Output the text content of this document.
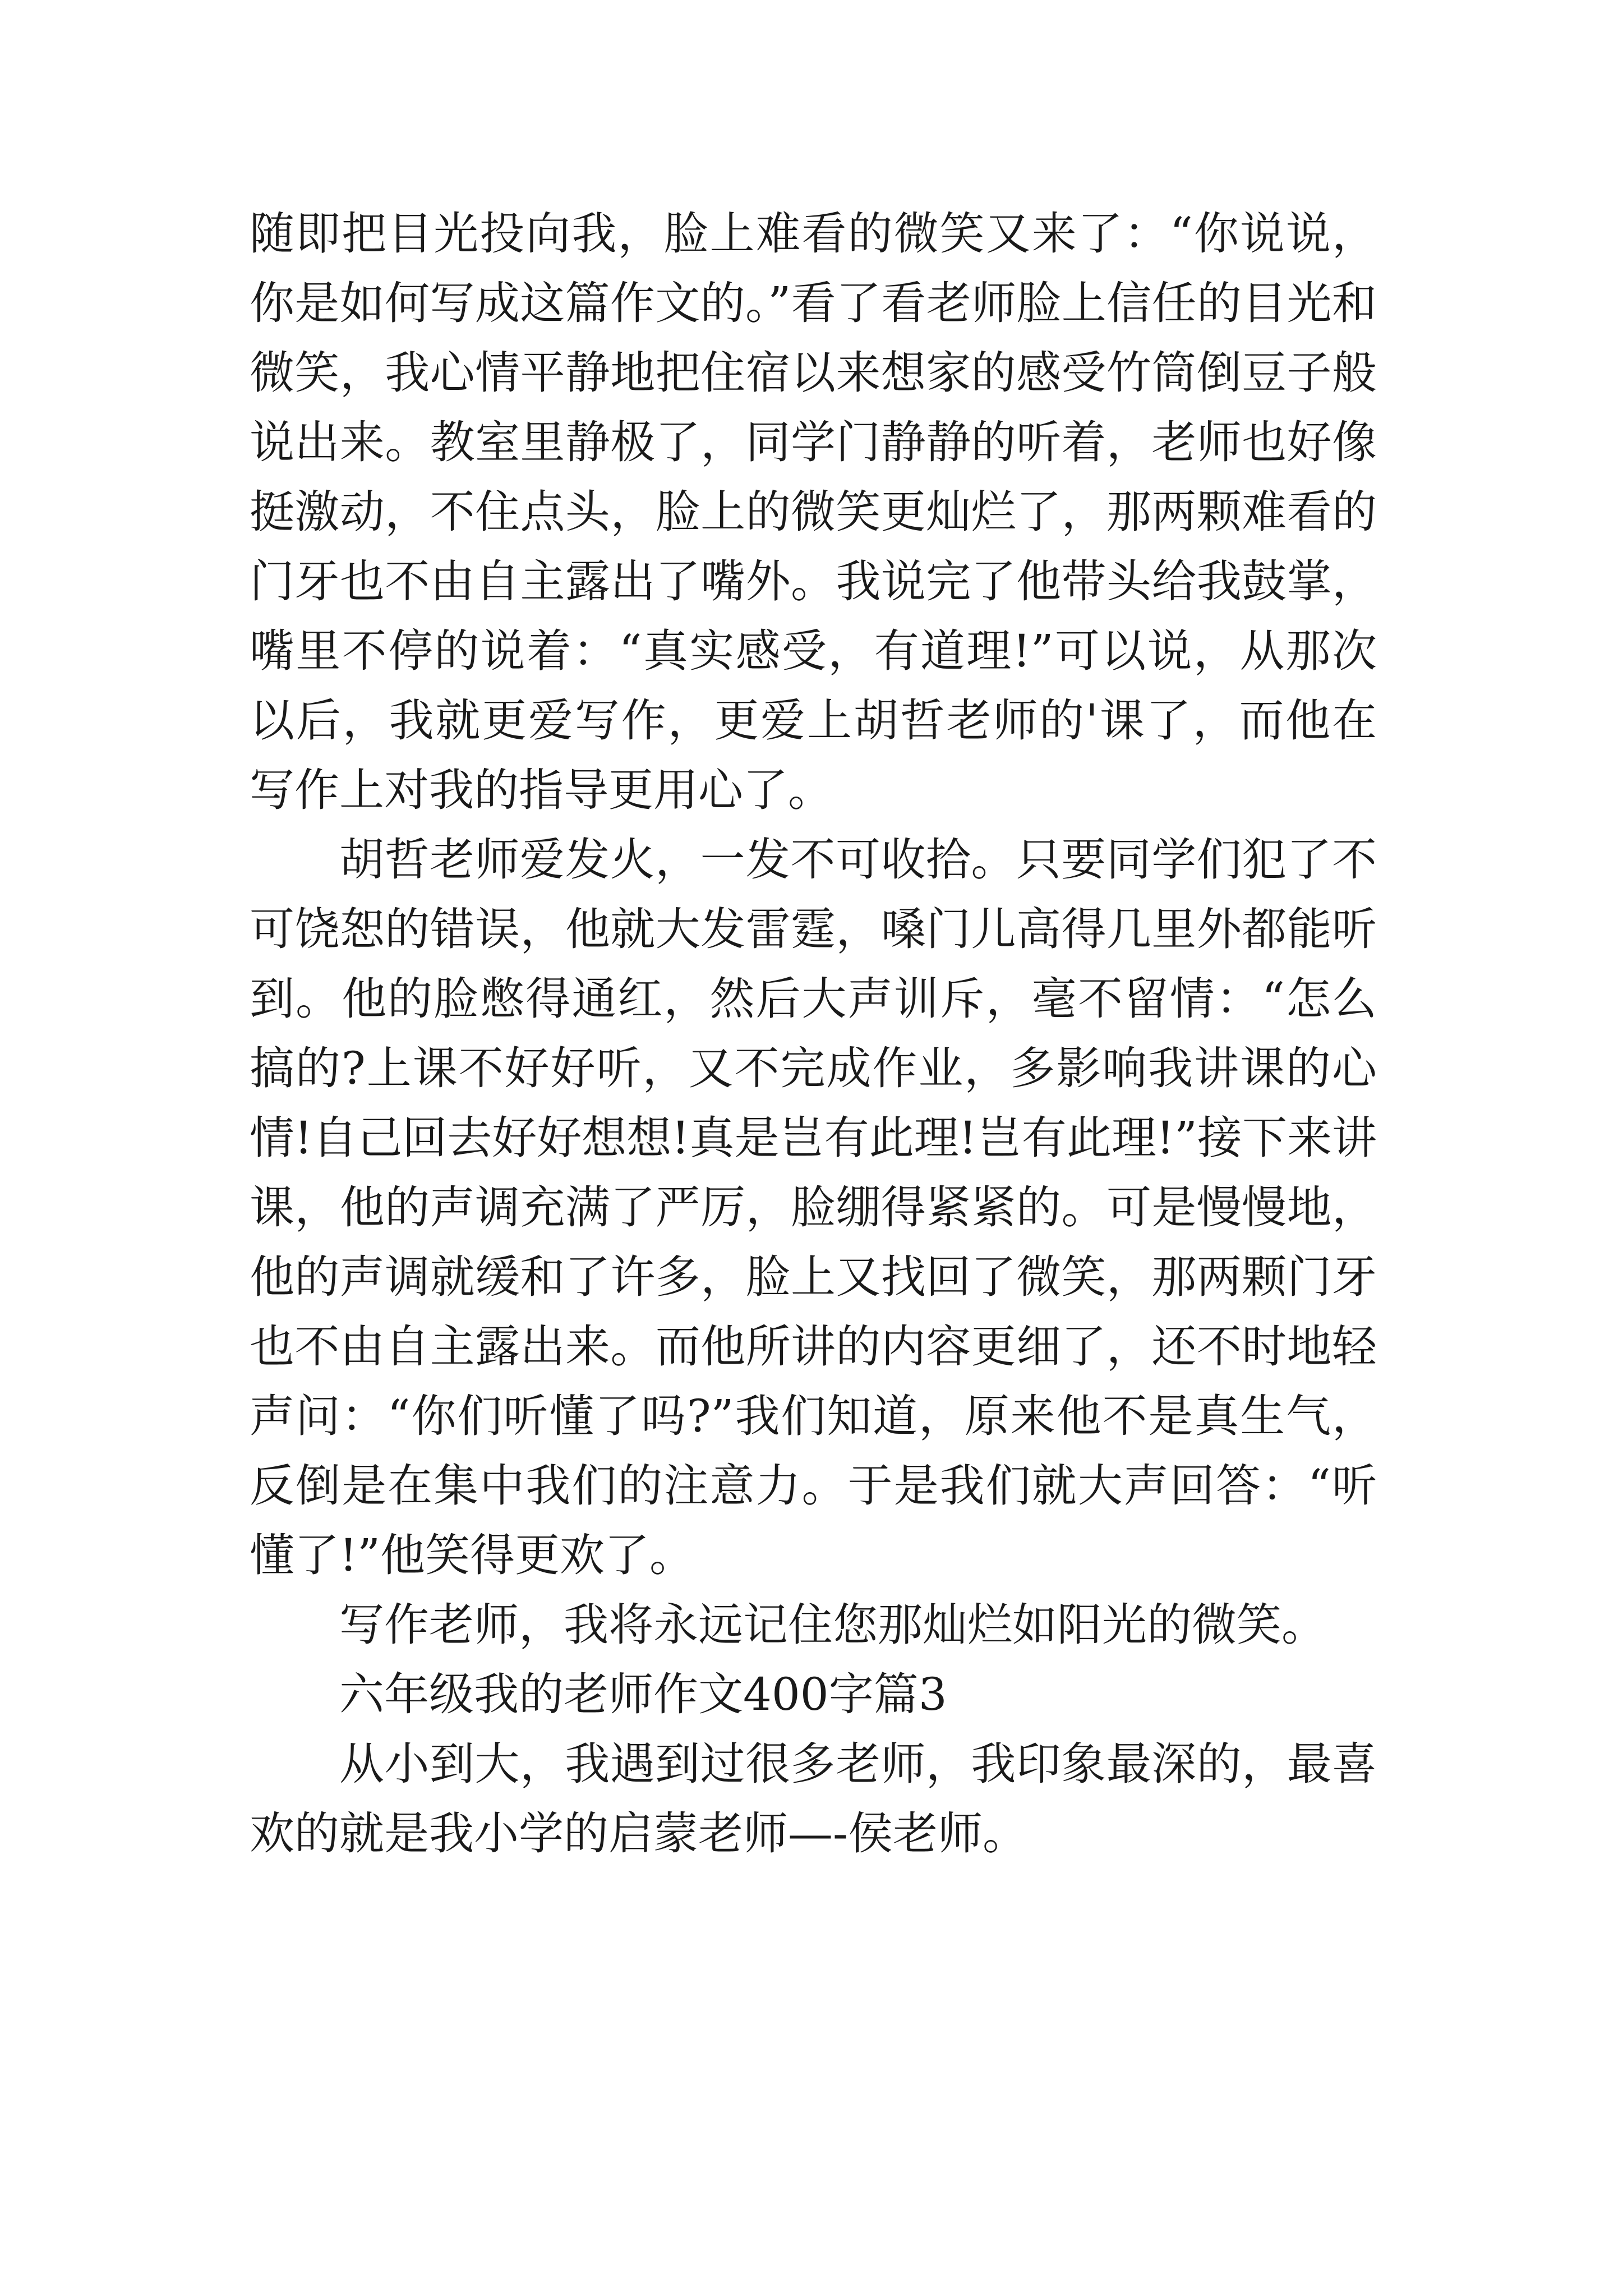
随即把目光投向我，脸上难看的微笑又来了：“你说说，你是如何写成这篇作文的。”看了看老师脸上信任的目光和微笑，我心情平静地把住宿以来想家的感受竹筒倒豆子般说出来。教室里静极了，同学门静静的听着，老师也好像挺激动，不住点头，脸上的微笑更灿烂了，那两颗难看的门牙也不由自主露出了嘴外。我说完了他带头给我鼓掌，嘴里不停的说着：“真实感受，有道理!”可以说，从那次以后，我就更爱写作，更爱上胡哲老师的'课了，而他在写作上对我的指导更用心了。

胡哲老师爱发火，一发不可收拾。只要同学们犯了不可饶恕的错误，他就大发雷霆，嗓门儿高得几里外都能听到。他的脸憋得通红，然后大声训斥，毫不留情：“怎么搞的?上课不好好听，又不完成作业，多影响我讲课的心情!自己回去好好想想!真是岂有此理!岂有此理!”接下来讲课，他的声调充满了严厉，脸绷得紧紧的。可是慢慢地，他的声调就缓和了许多，脸上又找回了微笑，那两颗门牙也不由自主露出来。而他所讲的内容更细了，还不时地轻声问：“你们听懂了吗?”我们知道，原来他不是真生气，反倒是在集中我们的注意力。于是我们就大声回答：“听懂了!”他笑得更欢了。

写作老师，我将永远记住您那灿烂如阳光的微笑。

六年级我的老师作文400字篇3

从小到大，我遇到过很多老师，我印象最深的，最喜欢的就是我小学的启蒙老师—-侯老师。
